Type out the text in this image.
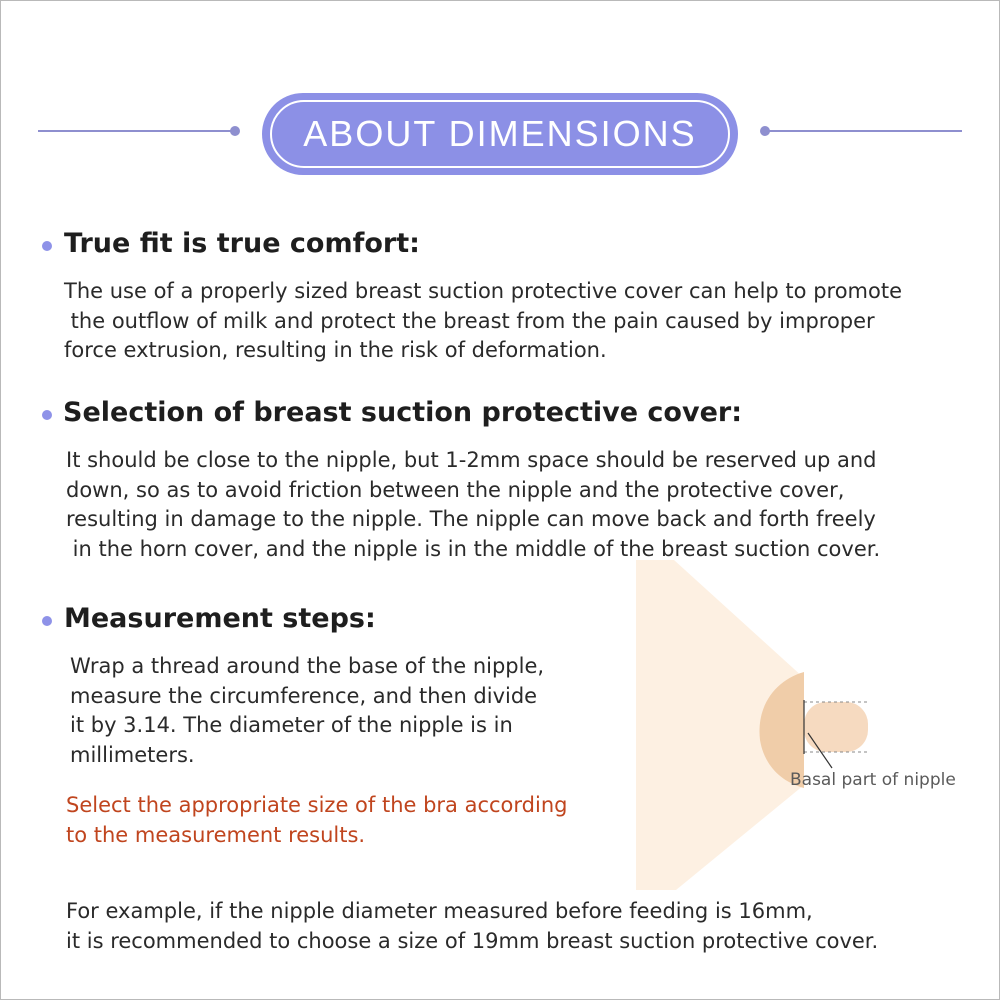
ABOUT DIMENSIONS
True fit is true comfort:
The use of a properly sized breast suction protective cover can help to promote
the outflow of milk and protect the breast from the pain caused by improper
force extrusion, resulting in the risk of deformation.
Selection of breast suction protective cover:
It should be close to the nipple, but 1-2mm space should be reserved up and
down, so as to avoid friction between the nipple and the protective cover,
resulting in damage to the nipple. The nipple can move back and forth freely
in the horn cover, and the nipple is in the middle of the breast suction cover.
Measurement steps:
Wrap a thread around the base of the nipple,
measure the circumference, and then divide
it by 3.14. The diameter of the nipple is in
millimeters.
Select the appropriate size of the bra according
to the measurement results.
Basal part of nipple
For example, if the nipple diameter measured before feeding is 16mm,
it is recommended to choose a size of 19mm breast suction protective cover.
